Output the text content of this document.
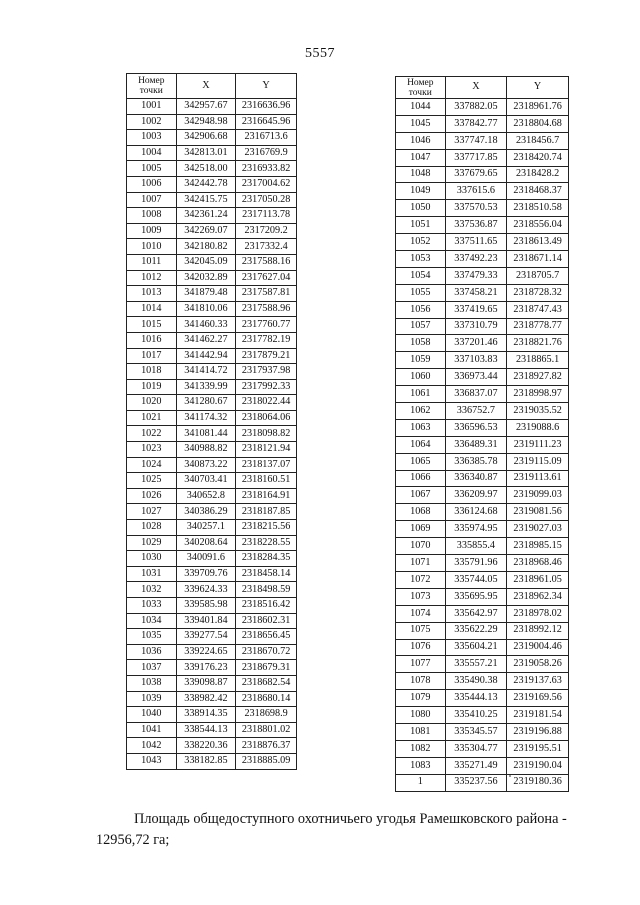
5557
Номер
точки	X	Y
1001	342957.67	2316636.96
1002	342948.98	2316645.96
1003	342906.68	2316713.6
1004	342813.01	2316769.9
1005	342518.00	2316933.82
1006	342442.78	2317004.62
1007	342415.75	2317050.28
1008	342361.24	2317113.78
1009	342269.07	2317209.2
1010	342180.82	2317332.4
1011	342045.09	2317588.16
1012	342032.89	2317627.04
1013	341879.48	2317587.81
1014	341810.06	2317588.96
1015	341460.33	2317760.77
1016	341462.27	2317782.19
1017	341442.94	2317879.21
1018	341414.72	2317937.98
1019	341339.99	2317992.33
1020	341280.67	2318022.44
1021	341174.32	2318064.06
1022	341081.44	2318098.82
1023	340988.82	2318121.94
1024	340873.22	2318137.07
1025	340703.41	2318160.51
1026	340652.8	2318164.91
1027	340386.29	2318187.85
1028	340257.1	2318215.56
1029	340208.64	2318228.55
1030	340091.6	2318284.35
1031	339709.76	2318458.14
1032	339624.33	2318498.59
1033	339585.98	2318516.42
1034	339401.84	2318602.31
1035	339277.54	2318656.45
1036	339224.65	2318670.72
1037	339176.23	2318679.31
1038	339098.87	2318682.54
1039	338982.42	2318680.14
1040	338914.35	2318698.9
1041	338544.13	2318801.02
1042	338220.36	2318876.37
1043	338182.85	2318885.09
Номер
точки	X	Y
1044	337882.05	2318961.76
1045	337842.77	2318804.68
1046	337747.18	2318456.7
1047	337717.85	2318420.74
1048	337679.65	2318428.2
1049	337615.6	2318468.37
1050	337570.53	2318510.58
1051	337536.87	2318556.04
1052	337511.65	2318613.49
1053	337492.23	2318671.14
1054	337479.33	2318705.7
1055	337458.21	2318728.32
1056	337419.65	2318747.43
1057	337310.79	2318778.77
1058	337201.46	2318821.76
1059	337103.83	2318865.1
1060	336973.44	2318927.82
1061	336837.07	2318998.97
1062	336752.7	2319035.52
1063	336596.53	2319088.6
1064	336489.31	2319111.23
1065	336385.78	2319115.09
1066	336340.87	2319113.61
1067	336209.97	2319099.03
1068	336124.68	2319081.56
1069	335974.95	2319027.03
1070	335855.4	2318985.15
1071	335791.96	2318968.46
1072	335744.05	2318961.05
1073	335695.95	2318962.34
1074	335642.97	2318978.02
1075	335622.29	2318992.12
1076	335604.21	2319004.46
1077	335557.21	2319058.26
1078	335490.38	2319137.63
1079	335444.13	2319169.56
1080	335410.25	2319181.54
1081	335345.57	2319196.88
1082	335304.77	2319195.51
1083	335271.49	2319190.04
1	335237.56	2319180.36

Площадь общедоступного охотничьего угодья Рамешковского района - 12956,72 га;
